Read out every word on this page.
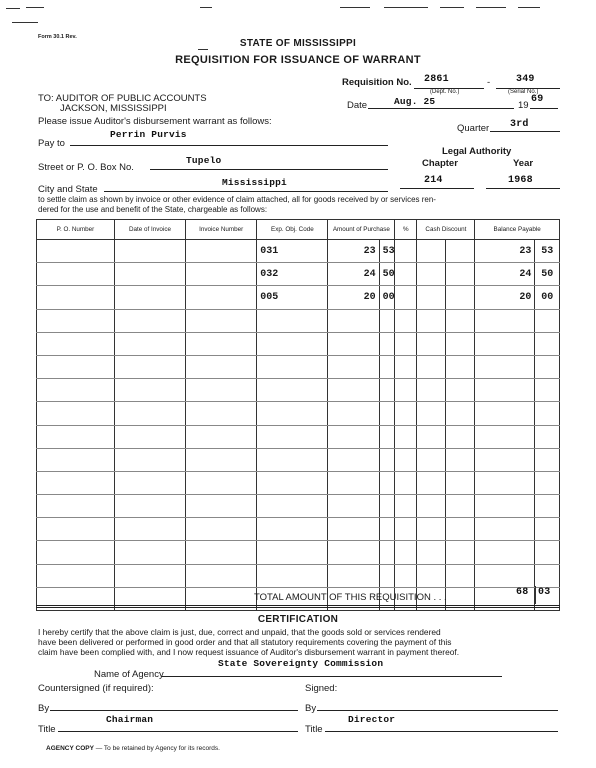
Form 30.1 Rev.
STATE OF MISSISSIPPI
REQUISITION FOR ISSUANCE OF WARRANT
Requisition No. 2861	-	349
(Dept. No.)	(Serial No.)
TO: AUDITOR OF PUBLIC ACCOUNTS
JACKSON, MISSISSIPPI	Date	Aug. 25	19
69
Please issue Auditor's disbursement warrant as follows:
Quarter 3rd
Pay to
Perrin Purvis
Legal Authority
Chapter	Year
Street or P. O. Box No.
Tupelo
City and State
Mississippi	214	1968
to settle claim as shown by invoice or other evidence of claim attached, all for goods received by or services ren-
dered for the use and benefit of the State, chargeable as follows:
P. O. Number	Date of Invoice	Invoice Number	Exp. Obj. Code	Amount of Purchase		%	Cash Discount		Balance Payable	
			031	23	53				23	53
			032	24	50				24	50
			005	20	00				20	00

TOTAL AMOUNT OF THIS REQUISITION . . .	68 03
CERTIFICATION
I hereby certify that the above claim is just, due, correct and unpaid, that the goods sold or services rendered
have been delivered or performed in good order and that all statutory requirements covering the payment of this
claim have been complied with, and I now request issuance of Auditor's disbursement warrant in payment thereof.
Name of Agency
State Sovereignty Commission
Countersigned (if required):	Signed:
By	By
Title
Chairman
Title
Director
AGENCY COPY — To be retained by Agency for its records.
